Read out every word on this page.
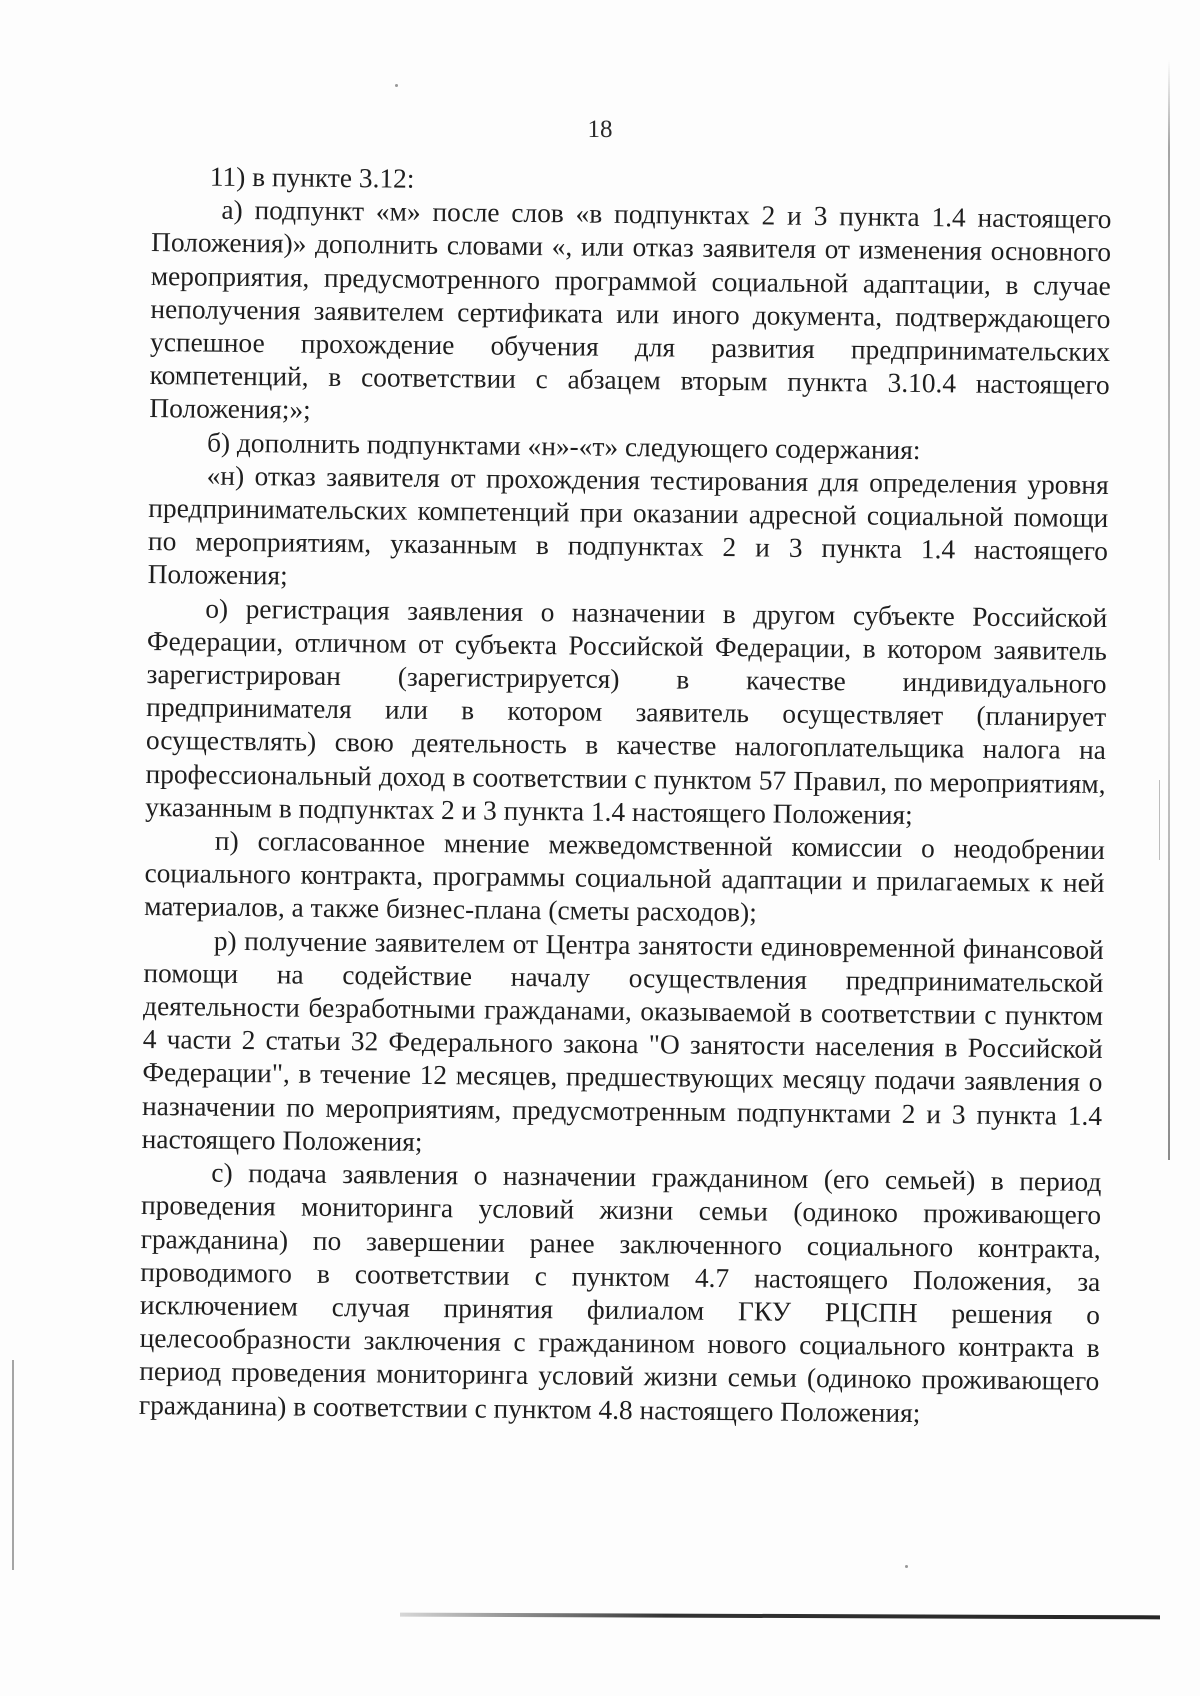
18

11) в пункте 3.12:

а) подпункт «м» после слов «в подпунктах 2 и 3 пункта 1.4 настоящего Положения)» дополнить словами «, или отказ заявителя от изменения основного мероприятия, предусмотренного программой социальной адаптации, в случае неполучения заявителем сертификата или иного документа, подтверждающего успешное прохождение обучения для развития предпринимательских компетенций, в соответствии с абзацем вторым пункта 3.10.4 настоящего Положения;»;

б) дополнить подпунктами «н»-«т» следующего содержания:

«н) отказ заявителя от прохождения тестирования для определения уровня предпринимательских компетенций при оказании адресной социальной помощи по мероприятиям, указанным в подпунктах 2 и 3 пункта 1.4 настоящего Положения;

о) регистрация заявления о назначении в другом субъекте Российской Федерации, отличном от субъекта Российской Федерации, в котором заявитель зарегистрирован (зарегистрируется) в качестве индивидуального предпринимателя или в котором заявитель осуществляет (планирует осуществлять) свою деятельность в качестве налогоплательщика налога на профессиональный доход в соответствии с пунктом 57 Правил, по мероприятиям, указанным в подпунктах 2 и 3 пункта 1.4 настоящего Положения;

п) согласованное мнение межведомственной комиссии о неодобрении социального контракта, программы социальной адаптации и прилагаемых к ней материалов, а также бизнес-плана (сметы расходов);

р) получение заявителем от Центра занятости единовременной финансовой помощи на содействие началу осуществления предпринимательской деятельности безработными гражданами, оказываемой в соответствии с пунктом 4 части 2 статьи 32 Федерального закона "О занятости населения в Российской Федерации", в течение 12 месяцев, предшествующих месяцу подачи заявления о назначении по мероприятиям, предусмотренным подпунктами 2 и 3 пункта 1.4 настоящего Положения;

с) подача заявления о назначении гражданином (его семьей) в период проведения мониторинга условий жизни семьи (одиноко проживающего гражданина) по завершении ранее заключенного социального контракта, проводимого в соответствии с пунктом 4.7 настоящего Положения, за исключением случая принятия филиалом ГКУ РЦСПН решения о целесообразности заключения с гражданином нового социального контракта в период проведения мониторинга условий жизни семьи (одиноко проживающего гражданина) в соответствии с пунктом 4.8 настоящего Положения;
